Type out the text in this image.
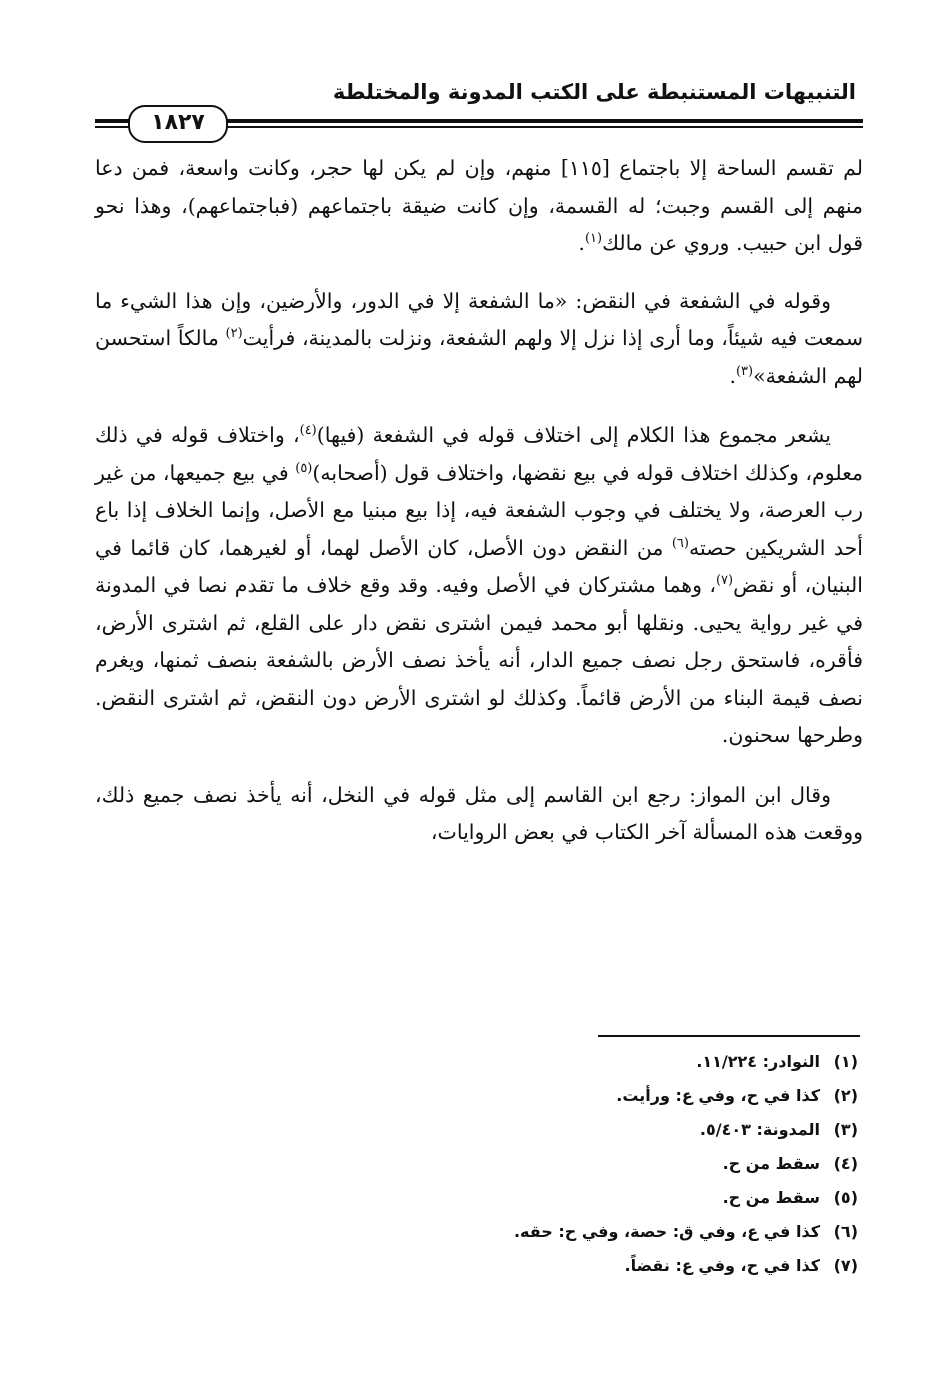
التنبيهات المستنبطة على الكتب المدونة والمختلطة
١٨٢٧

لم تقسم الساحة إلا باجتماع [١١٥] منهم، وإن لم يكن لها حجر، وكانت واسعة، فمن دعا منهم إلى القسم وجبت؛ له القسمة، وإن كانت ضيقة باجتماعهم (فباجتماعهم)، وهذا نحو قول ابن حبيب. وروي عن مالك$^{(١)}$.

وقوله في الشفعة في النقض: «ما الشفعة إلا في الدور، والأرضين، وإن هذا الشيء ما سمعت فيه شيئاً، وما أرى إذا نزل إلا ولهم الشفعة، ونزلت بالمدينة، فرأيت$^{(٢)}$ مالكاً استحسن لهم الشفعة»$^{(٣)}$.

يشعر مجموع هذا الكلام إلى اختلاف قوله في الشفعة (فيها)$^{(٤)}$، واختلاف قوله في ذلك معلوم، وكذلك اختلاف قوله في بيع نقضها، واختلاف قول (أصحابه)$^{(٥)}$ في بيع جميعها، من غير رب العرصة، ولا يختلف في وجوب الشفعة فيه، إذا بيع مبنيا مع الأصل، وإنما الخلاف إذا باع أحد الشريكين حصته$^{(٦)}$ من النقض دون الأصل، كان الأصل لهما، أو لغيرهما، كان قائما في البنيان، أو نقض$^{(٧)}$، وهما مشتركان في الأصل وفيه. وقد وقع خلاف ما تقدم نصا في المدونة في غير رواية يحيى. ونقلها أبو محمد فيمن اشترى نقض دار على القلع، ثم اشترى الأرض، فأقره، فاستحق رجل نصف جميع الدار، أنه يأخذ نصف الأرض بالشفعة بنصف ثمنها، ويغرم نصف قيمة البناء من الأرض قائماً. وكذلك لو اشترى الأرض دون النقض، ثم اشترى النقض. وطرحها سحنون.

وقال ابن المواز: رجع ابن القاسم إلى مثل قوله في النخل، أنه يأخذ نصف جميع ذلك، ووقعت هذه المسألة آخر الكتاب في بعض الروايات،

(١)النوادر: ١١/٢٢٤.
(٢)كذا في ح، وفي ع: ورأيت.
(٣)المدونة: ٥/٤٠٣.
(٤)سقط من ح.
(٥)سقط من ح.
(٦)كذا في ع، وفي ق: حصة، وفي ح: حقه.
(٧)كذا في ح، وفي ع: نقضاً.
